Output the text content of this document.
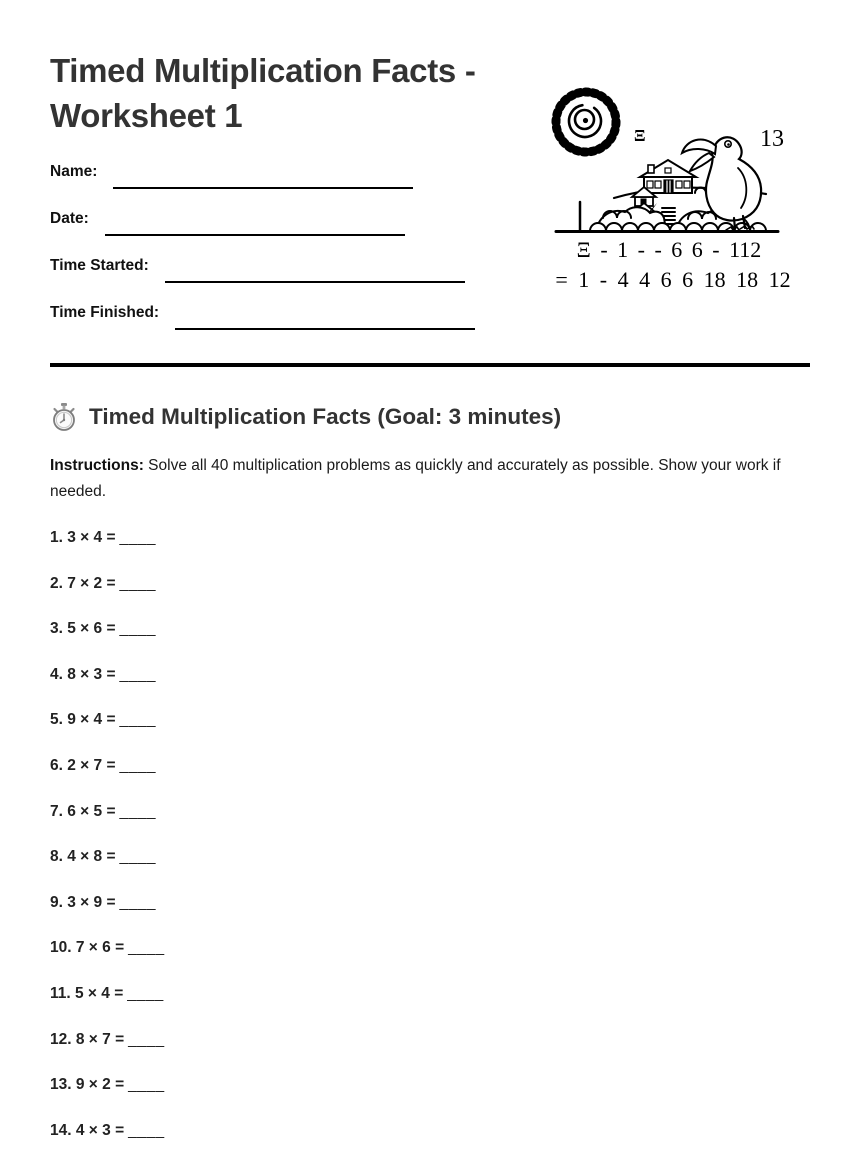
Timed Multiplication Facts - Worksheet 1
Name:
Date:
Time Started:
Time Finished:
Ξ	13
Ξ - 1 - - 6 6 - 112
= 1 - 4 4 6 6 18 18 12
Timed Multiplication Facts (Goal: 3 minutes)
Instructions: Solve all 40 multiplication problems as quickly and accurately as possible. Show your work if needed.
1. 3 × 4 = ____
2. 7 × 2 = ____
3. 5 × 6 = ____
4. 8 × 3 = ____
5. 9 × 4 = ____
6. 2 × 7 = ____
7. 6 × 5 = ____
8. 4 × 8 = ____
9. 3 × 9 = ____
10. 7 × 6 = ____
11. 5 × 4 = ____
12. 8 × 7 = ____
13. 9 × 2 = ____
14. 4 × 3 = ____
